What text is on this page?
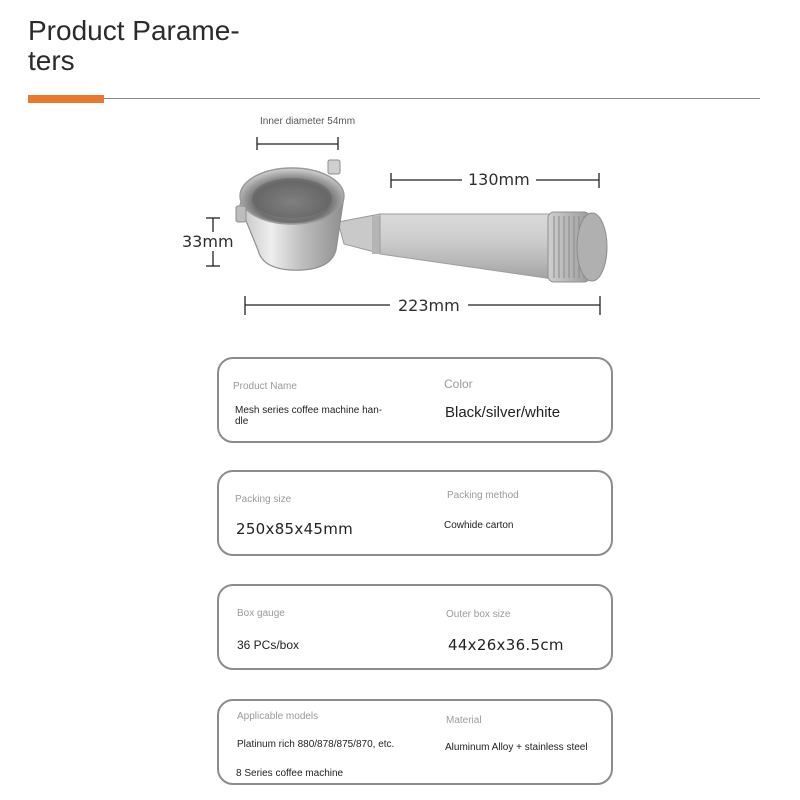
Product Parame-
ters
Inner diameter 54mm
130mm
33mm
223mm
Product Name
Mesh series coffee machine han-
dle
Color
Black/silver/white
Packing size
250x85x45mm
Packing method
Cowhide carton
Box gauge
36 PCs/box
Outer box size
44x26x36.5cm
Applicable models
Platinum rich 880/878/875/870, etc.
8 Series coffee machine
Material
Aluminum Alloy + stainless steel
